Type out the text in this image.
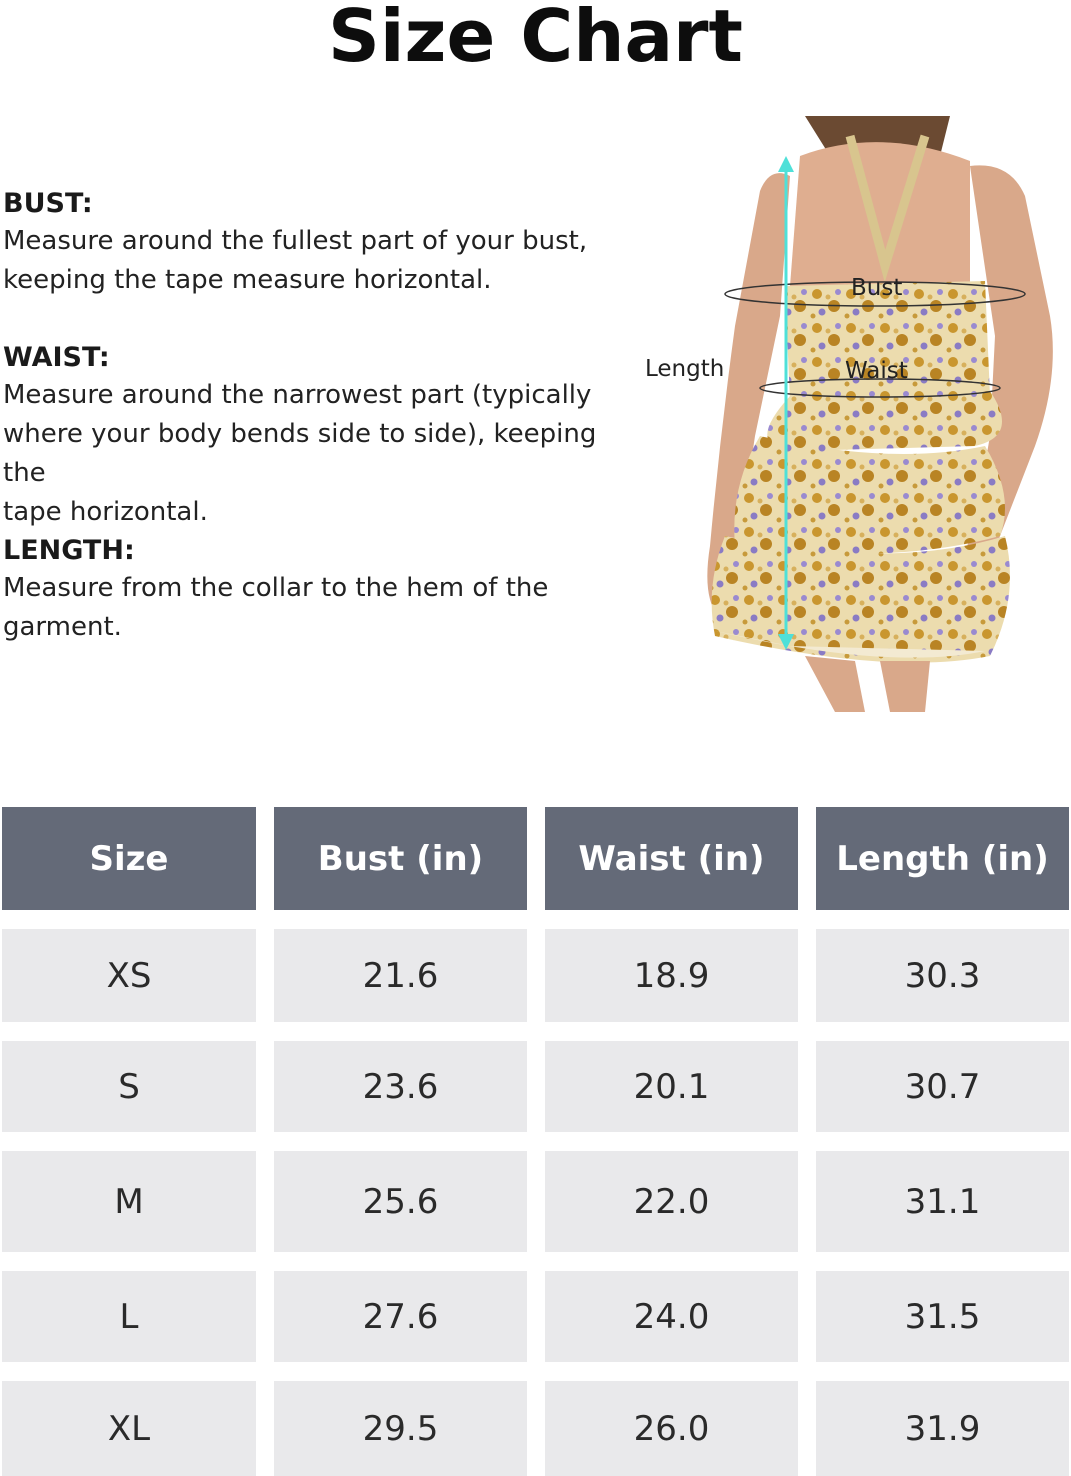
Size Chart
BUST:
Measure around the fullest part of your bust,
keeping the tape measure horizontal.
WAIST:
Measure around the narrowest part (typically
where your body bends side to side), keeping the
tape horizontal.
LENGTH:
Measure from the collar to the hem of the
garment.
Bust
Waist
Length
Size	Bust (in)	Waist (in)	Length (in)
XS	21.6	18.9	30.3
S	23.6	20.1	30.7
M	25.6	22.0	31.1
L	27.6	24.0	31.5
XL	29.5	26.0	31.9
